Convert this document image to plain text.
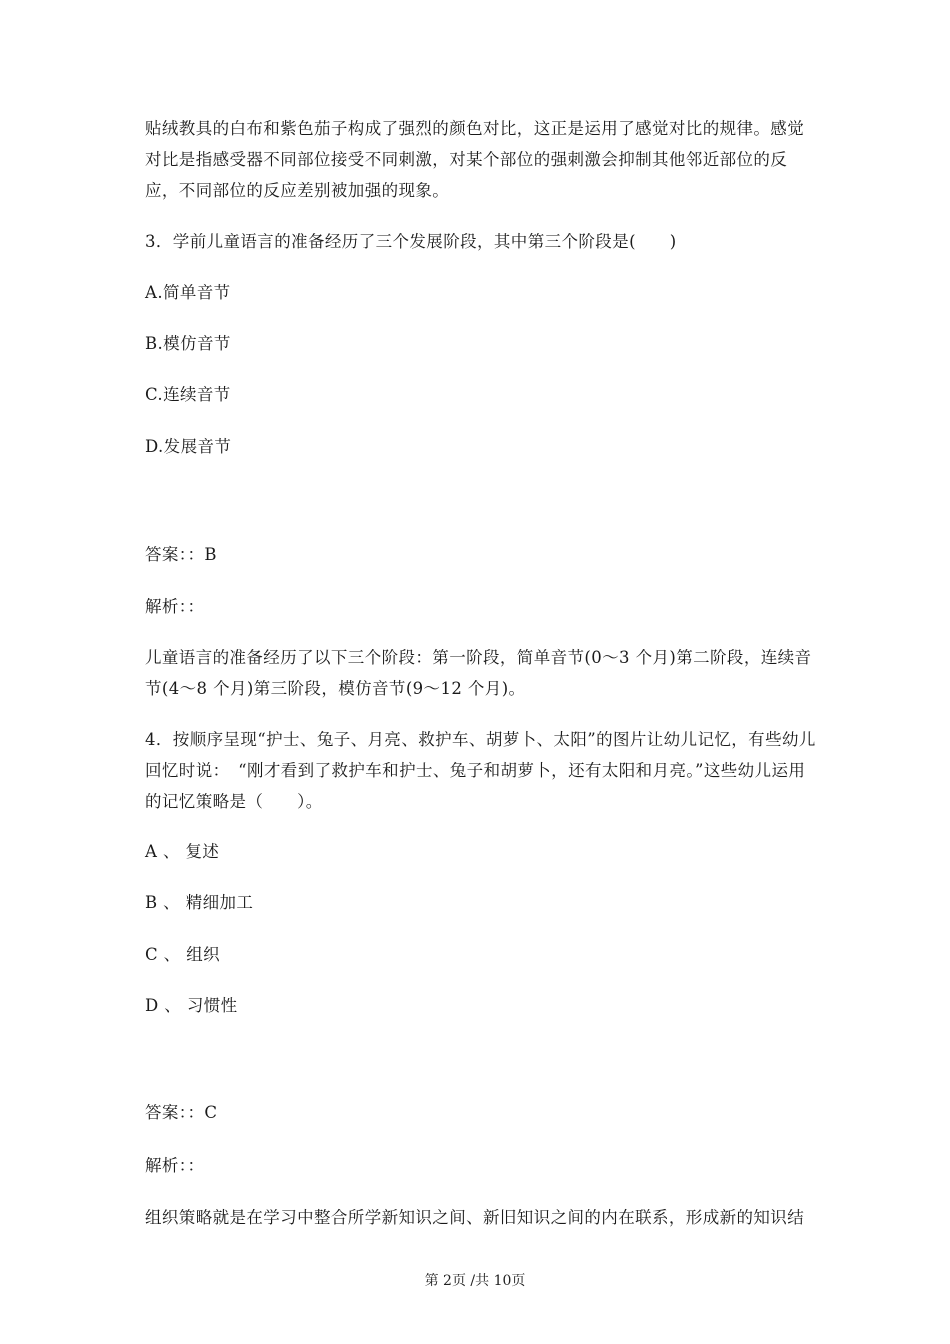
贴绒教具的白布和紫色茄子构成了强烈的颜色对比，这正是运用了感觉对比的规律。感觉

对比是指感受器不同部位接受不同刺激，对某个部位的强刺激会抑制其他邻近部位的反

应，不同部位的反应差别被加强的现象。

3．学前儿童语言的准备经历了三个发展阶段，其中第三个阶段是(　　)

A.简单音节

B.模仿音节

C.连续音节

D.发展音节

答案：：B

解析：：

儿童语言的准备经历了以下三个阶段：第一阶段，简单音节(0～3 个月)第二阶段，连续音

节(4～8 个月)第三阶段，模仿音节(9～12 个月)。

4．按顺序呈现“护士、兔子、月亮、救护车、胡萝卜、太阳”的图片让幼儿记忆，有些幼儿

回忆时说：　“刚才看到了救护车和护士、兔子和胡萝卜，还有太阳和月亮。”这些幼儿运用

的记忆策略是（　　）。

A 、 复述

B 、 精细加工

C 、 组织

D 、 习惯性

答案：：C

解析：：

组织策略就是在学习中整合所学新知识之间、新旧知识之间的内在联系，形成新的知识结

第 2页 /共 10页
